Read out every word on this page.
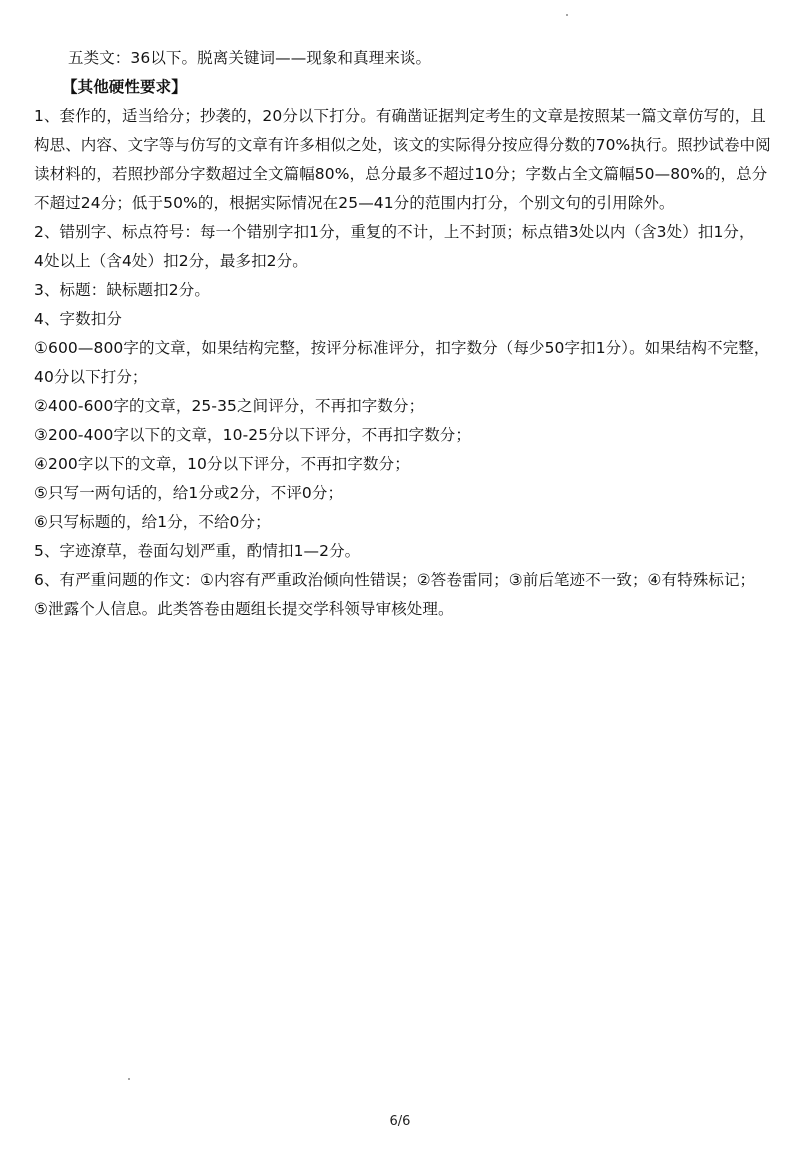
五类文：36以下。脱离关键词——现象和真理来谈。
【其他硬性要求】
1、套作的，适当给分；抄袭的，20分以下打分。有确凿证据判定考生的文章是按照某一篇文章仿写的，且
构思、内容、文字等与仿写的文章有许多相似之处，该文的实际得分按应得分数的70%执行。照抄试卷中阅
读材料的，若照抄部分字数超过全文篇幅80%，总分最多不超过10分；字数占全文篇幅50—80%的，总分
不超过24分；低于50%的，根据实际情况在25—41分的范围内打分，个别文句的引用除外。
2、错别字、标点符号：每一个错别字扣1分，重复的不计，上不封顶；标点错3处以内（含3处）扣1分，
4处以上（含4处）扣2分，最多扣2分。
3、标题：缺标题扣2分。
4、字数扣分
①600—800字的文章，如果结构完整，按评分标准评分，扣字数分（每少50字扣1分）。如果结构不完整，
40分以下打分；
②400-600字的文章，25-35之间评分，不再扣字数分；
③200-400字以下的文章，10-25分以下评分，不再扣字数分；
④200字以下的文章，10分以下评分，不再扣字数分；
⑤只写一两句话的，给1分或2分，不评0分；
⑥只写标题的，给1分，不给0分；
5、字迹潦草，卷面勾划严重，酌情扣1—2分。
6、有严重问题的作文：①内容有严重政治倾向性错误；②答卷雷同；③前后笔迹不一致；④有特殊标记；
⑤泄露个人信息。此类答卷由题组长提交学科领导审核处理。
6/6
